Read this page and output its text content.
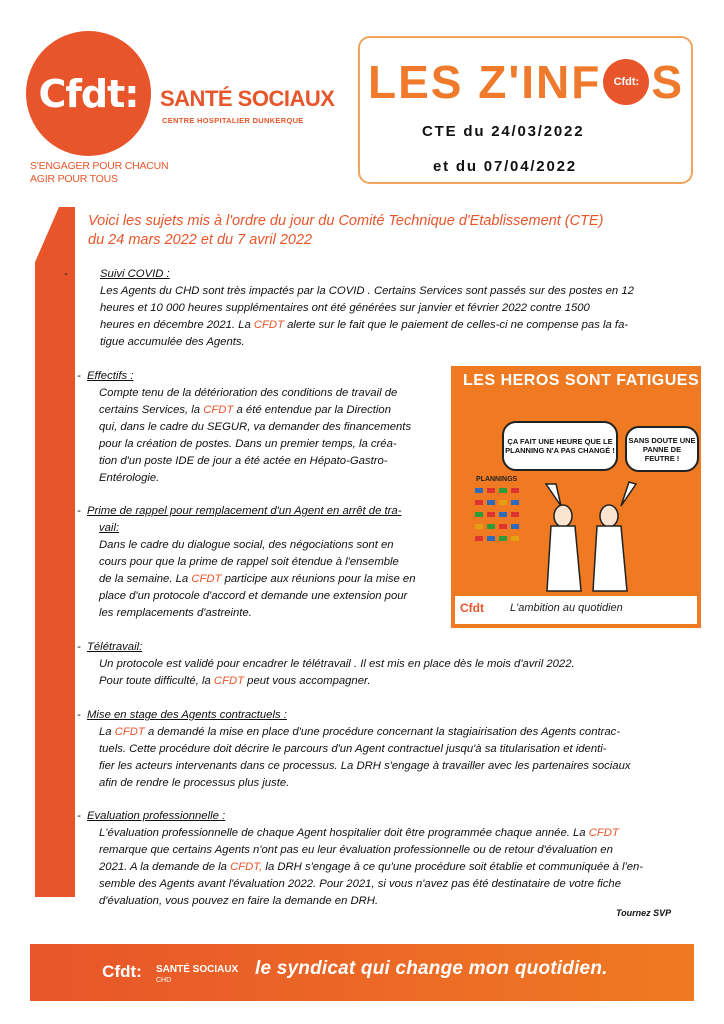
Cfdt: SANTÉ SOCIAUX
CENTRE HOSPITALIER DUNKERQUE
S'ENGAGER POUR CHACUN
AGIR POUR TOUS
LES Z'INF	Cfdt: S
CTE du 24/03/2022
et du 07/04/2022
Voici les sujets mis à l'ordre du jour du Comité Technique d'Etablissement (CTE)
du 24 mars 2022 et du 7 avril 2022
-	Suivi COVID :
Les Agents du CHD sont très impactés par la COVID . Certains Services sont passés sur des postes en 12
heures et 10 000 heures supplémentaires ont été générées sur janvier et février 2022 contre 1500
heures en décembre 2021. La CFDT alerte sur le fait que le paiement de celles-ci ne compense pas la fa-
tigue accumulée des Agents.
- Effectifs :
Compte tenu de la détérioration des conditions de travail de
certains Services, la CFDT a été entendue par la Direction
qui, dans le cadre du SEGUR, va demander des financements
pour la création de postes. Dans un premier temps, la créa-
tion d'un poste IDE de jour a été actée en Hépato-Gastro-
Entérologie.
- Prime de rappel pour remplacement d'un Agent en arrêt de tra-
vail:
Dans le cadre du dialogue social, des négociations sont en
cours pour que la prime de rappel soit étendue à l'ensemble
de la semaine. La CFDT participe aux réunions pour la mise en
place d'un protocole d'accord et demande une extension pour
les remplacements d'astreinte.
LES HEROS SONT FATIGUES
ÇA FAIT UNE HEURE QUE LE PLANNING N'A PAS CHANGÉ !
SANS DOUTE UNE PANNE DE FEUTRE !
PLANNINGS
Cfdt L'ambition au quotidien
- Télétravail:
Un protocole est validé pour encadrer le télétravail . Il est mis en place dès le mois d'avril 2022.
Pour toute difficulté, la CFDT peut vous accompagner.
- Mise en stage des Agents contractuels :
La CFDT a demandé la mise en place d'une procédure concernant la stagiairisation des Agents contrac-
tuels. Cette procédure doit décrire le parcours d'un Agent contractuel jusqu'à sa titularisation et identi-
fier les acteurs intervenants dans ce processus. La DRH s'engage à travailler avec les partenaires sociaux
afin de rendre le processus plus juste.
- Evaluation professionnelle :
L'évaluation professionnelle de chaque Agent hospitalier doit être programmée chaque année. La CFDT
remarque que certains Agents n'ont pas eu leur évaluation professionnelle ou de retour d'évaluation en
2021. A la demande de la CFDT, la DRH s'engage à ce qu'une procédure soit établie et communiquée à l'en-
semble des Agents avant l'évaluation 2022. Pour 2021, si vous n'avez pas été destinataire de votre fiche
d'évaluation, vous pouvez en faire la demande en DRH.
Tournez SVP
Cfdt:	SANTÉ SOCIAUX
CHD
le syndicat qui change mon quotidien.
